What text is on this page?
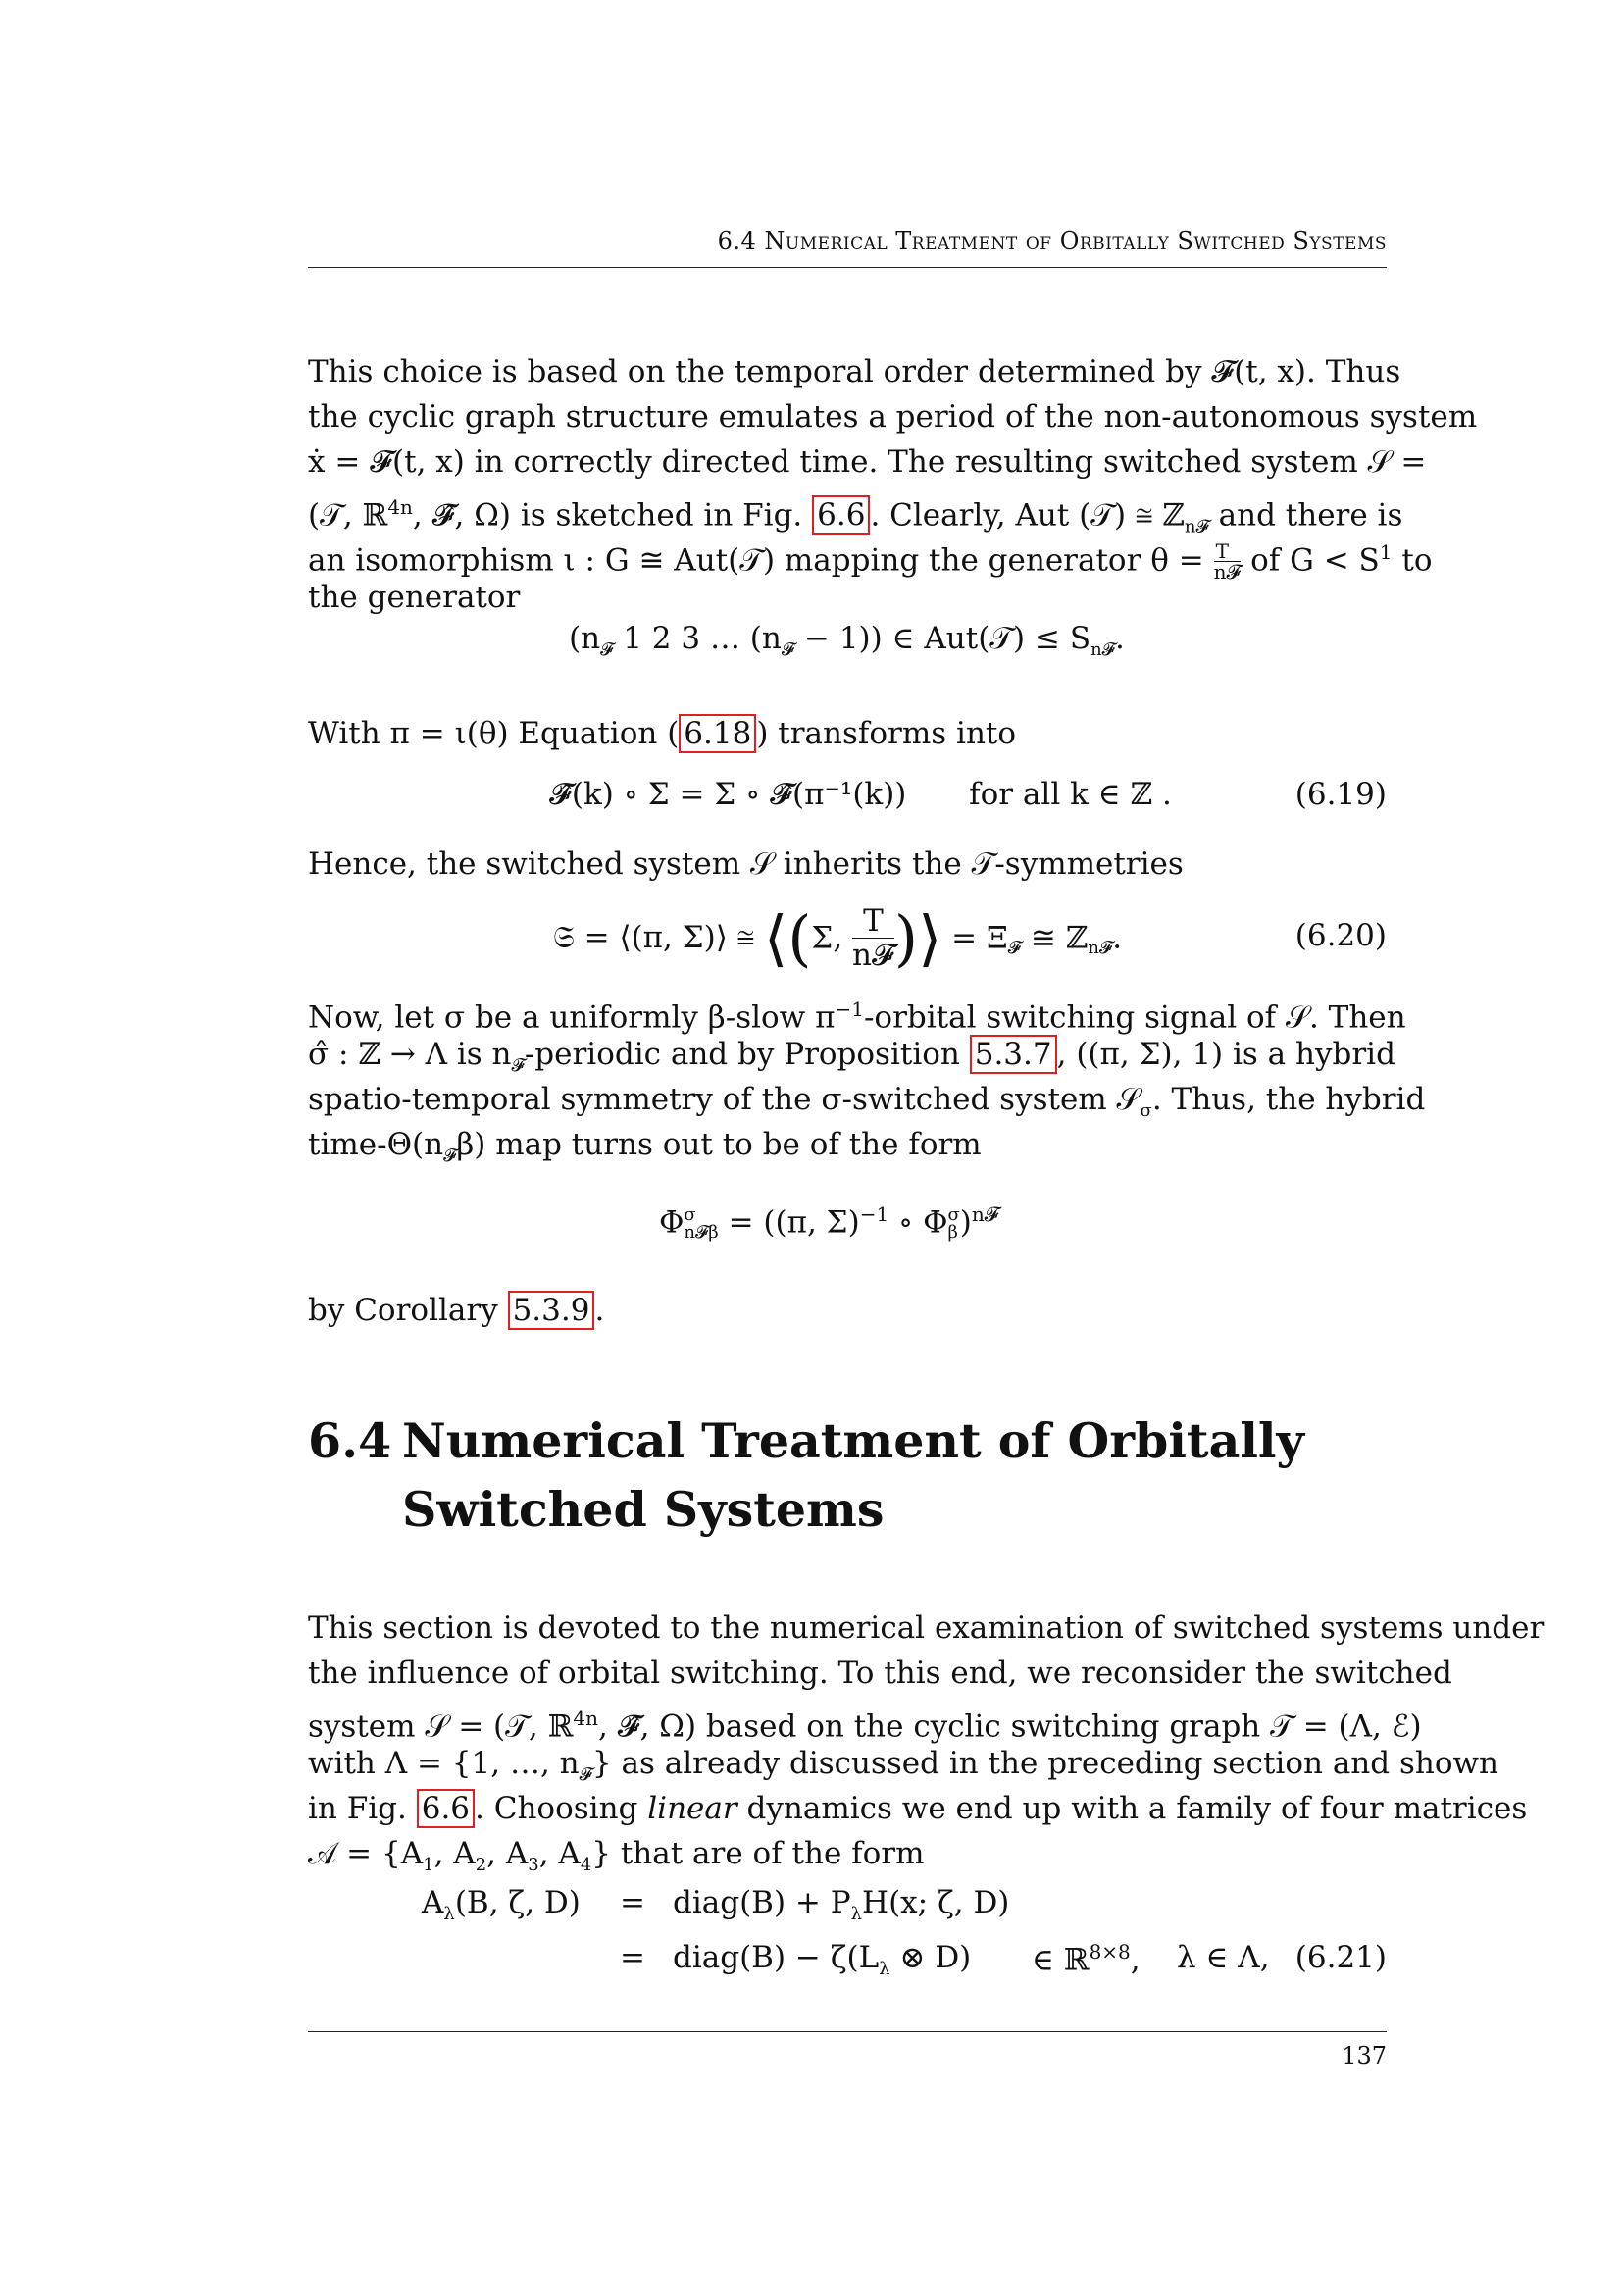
6.4 Numerical Treatment of Orbitally Switched Systems
This choice is based on the temporal order determined by 𝓕(t, x). Thus
the cyclic graph structure emulates a period of the non-autonomous system
ẋ = 𝓕(t, x) in correctly directed time. The resulting switched system 𝒮 =
(𝒯, ℝ$^{4n}$, 𝓕̂, Ω) is sketched in Fig. 6.6 . Clearly, Aut (𝒯) ≅ ℤ$_{n𝓕}$ and there is
an isomorphism ι : G ≅ Aut(𝒯) mapping the generator θ = T
n𝓕 of $G < S^1$ to
the generator
($n_𝓕$ 1 2 3 … $(n_𝓕 - 1)$) ∈ Aut(𝒯) ≤ $S_{n𝓕}$.
With π = ι(θ) Equation ( 6.18 ) transforms into
𝓕̂(k) ∘ Σ = Σ ∘ 𝓕̂(π⁻¹(k)) for all k ∈ ℤ .	(6.19)
Hence, the switched system 𝒮 inherits the 𝒯-symmetries
𝔖 = ⟨(π, Σ)⟩ ≅ ⟨(Σ, T
n𝓕 )⟩ = $\Xi_𝓕$ ≅ ℤ$_{n𝓕}$.	(6.20)
Now, let σ be a uniformly β-slow $\pi^{-1}$-orbital switching signal of 𝒮. Then
σ̂ : ℤ → Λ is $n_𝓕$-periodic and by Proposition 5.3.7 , ((π, Σ), 1) is a hybrid
spatio-temporal symmetry of the σ-switched system 𝒮$_\sigma$. Thus, the hybrid
time-$\Theta(n_𝓕\beta)$ map turns out to be of the form
Φ σ
n𝓕β = ((π, Σ)$^{-1}$ ∘ Φ σ
β )$^{n𝓕}$
by Corollary 5.3.9 .
6.4 Numerical Treatment of Orbitally
Switched Systems
This section is devoted to the numerical examination of switched systems under
the influence of orbital switching. To this end, we reconsider the switched
system 𝒮 = (𝒯, ℝ$^{4n}$, 𝓕̂, Ω) based on the cyclic switching graph 𝒯 = (Λ, ℰ)
with Λ = {1, …, $n_𝓕$} as already discussed in the preceding section and shown
in Fig. 6.6 . Choosing linear dynamics we end up with a family of four matrices
𝒜 = {$A_1$, $A_2$, $A_3$, $A_4$} that are of the form
$A_\lambda(B$, ζ, D) = diag(B) + $P_\lambda H(x$; ζ, D)
= diag(B) − $\zeta(L_\lambda$ ⊗ D) ∈ ℝ$^{8\times 8}$, λ ∈ Λ, (6.21)
137
